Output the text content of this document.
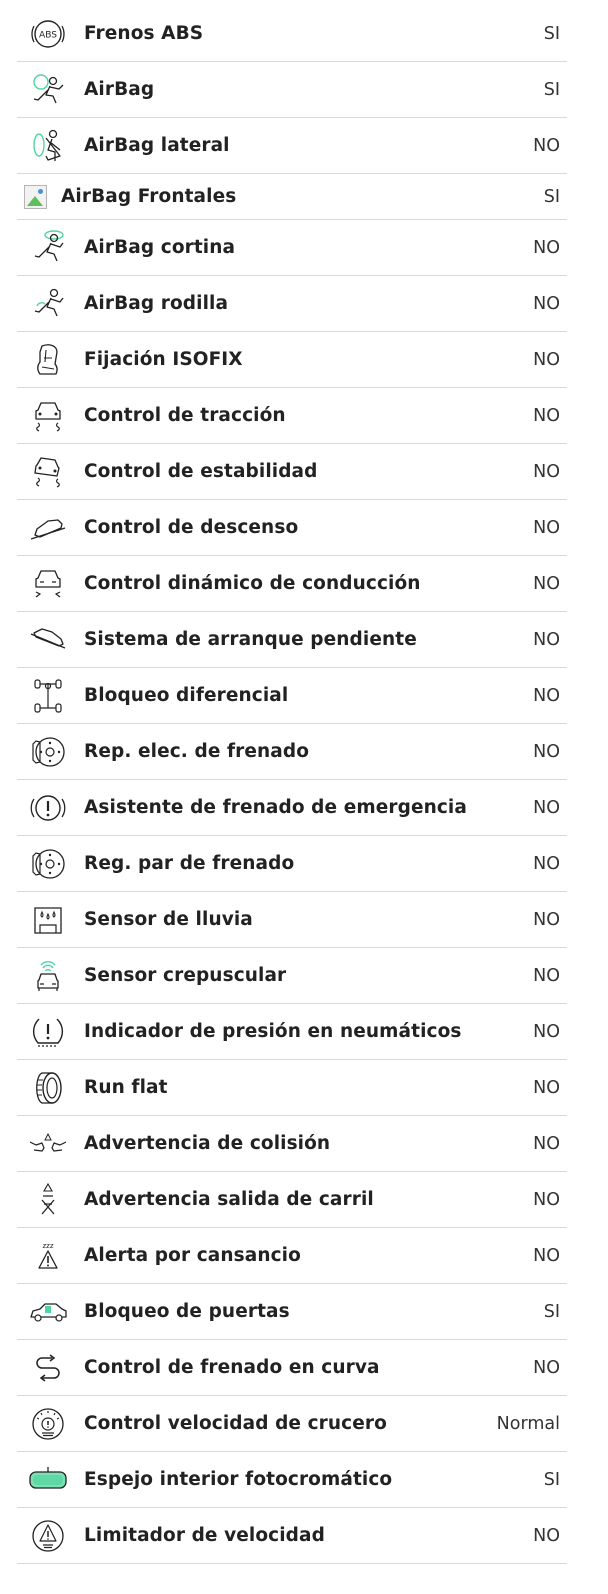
ABS Frenos ABS	SI
AirBag	SI
AirBag lateral	NO
AirBag Frontales	SI
AirBag cortina	NO
AirBag rodilla	NO
Fijación ISOFIX	NO
Control de tracción	NO
Control de estabilidad	NO
Control de descenso	NO
Control dinámico de conducción	NO
Sistema de arranque pendiente	NO
Bloqueo diferencial	NO
Rep. elec. de frenado	NO
Asistente de frenado de emergencia	NO
Reg. par de frenado	NO
Sensor de lluvia	NO
Sensor crepuscular	NO
Indicador de presión en neumáticos	NO
Run flat	NO
Advertencia de colisión	NO
Advertencia salida de carril	NO
zzz Alerta por cansancio	NO
Bloqueo de puertas	SI
Control de frenado en curva	NO
Control velocidad de crucero	Normal
Espejo interior fotocromático	SI
Limitador de velocidad	NO
